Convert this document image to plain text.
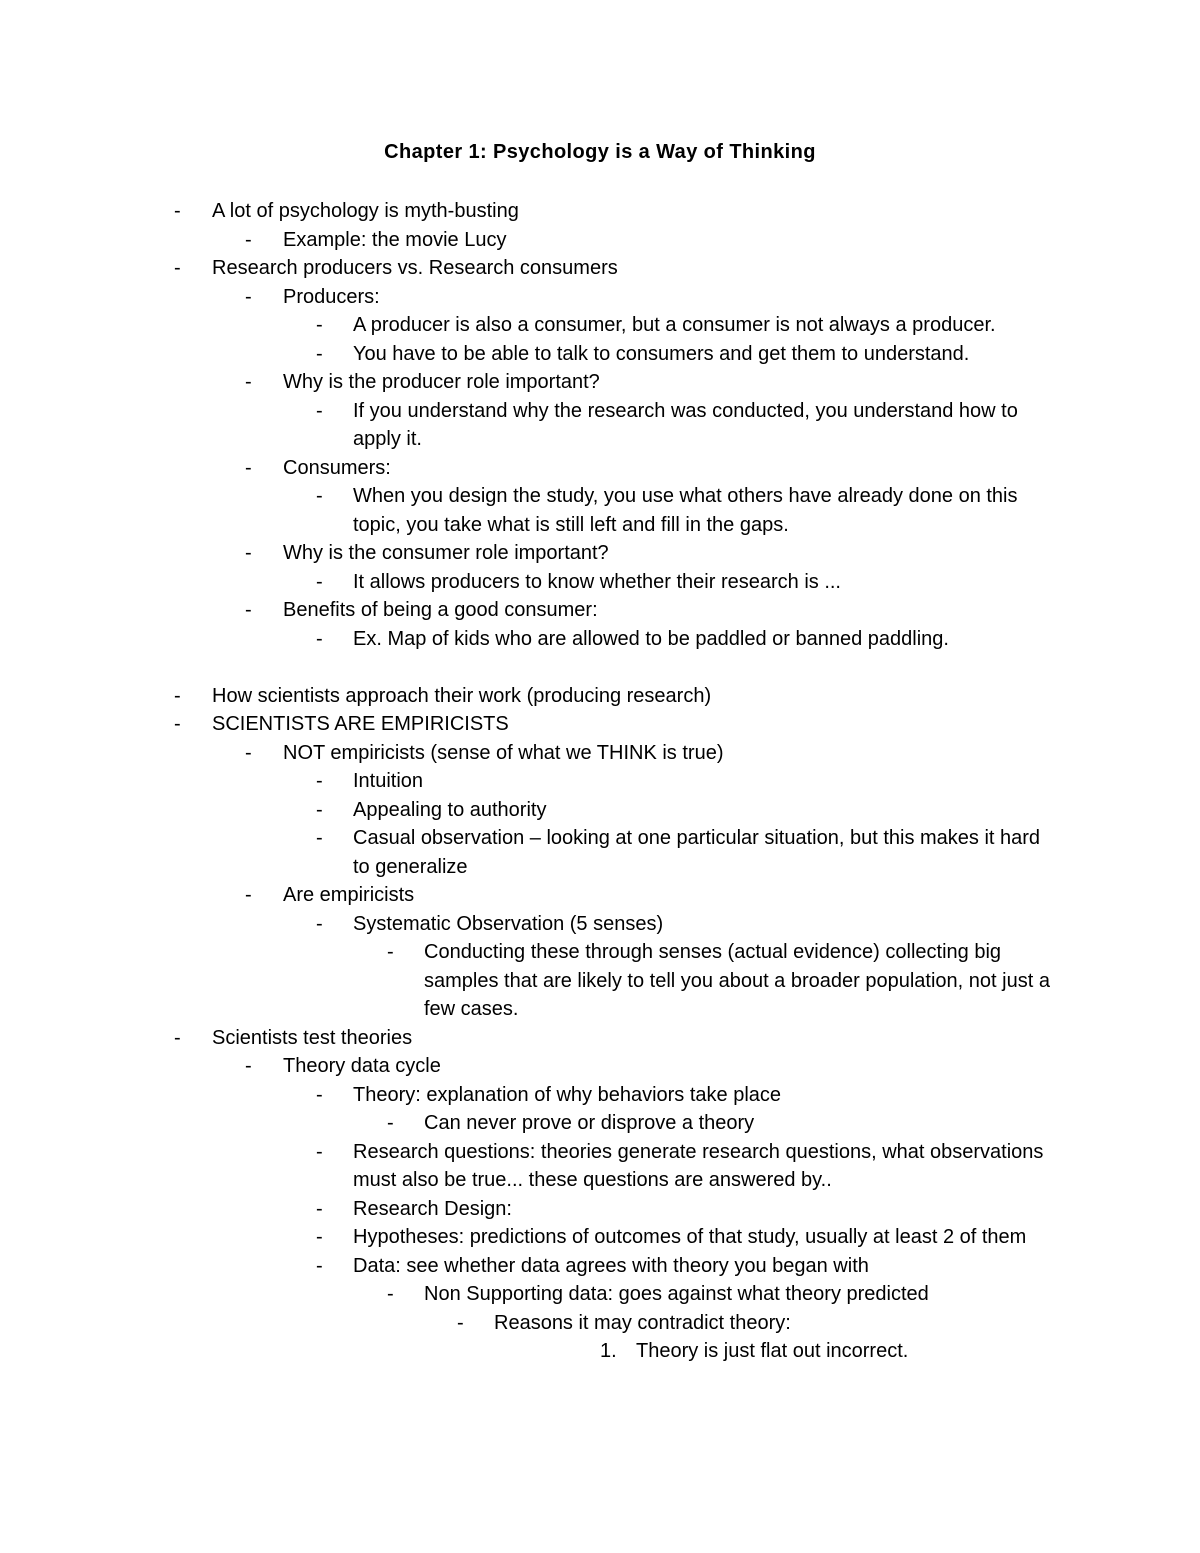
Chapter 1: Psychology is a Way of Thinking
- A lot of psychology is myth-busting
- Example: the movie Lucy
- Research producers vs. Research consumers
- Producers:
- A producer is also a consumer, but a consumer is not always a producer.
- You have to be able to talk to consumers and get them to understand.
- Why is the producer role important?
- If you understand why the research was conducted, you understand how to apply it.
- Consumers:
- When you design the study, you use what others have already done on this topic, you take what is still left and fill in the gaps.
- Why is the consumer role important?
- It allows producers to know whether their research is ...
- Benefits of being a good consumer:
- Ex. Map of kids who are allowed to be paddled or banned paddling.
- How scientists approach their work (producing research)
- SCIENTISTS ARE EMPIRICISTS
- NOT empiricists (sense of what we THINK is true)
- Intuition
- Appealing to authority
- Casual observation – looking at one particular situation, but this makes it hard to generalize
- Are empiricists
- Systematic Observation (5 senses)
- Conducting these through senses (actual evidence) collecting big samples that are likely to tell you about a broader population, not just a few cases.
- Scientists test theories
- Theory data cycle
- Theory: explanation of why behaviors take place
- Can never prove or disprove a theory
- Research questions: theories generate research questions, what observations must also be true... these questions are answered by..
- Research Design:
- Hypotheses: predictions of outcomes of that study, usually at least 2 of them
- Data: see whether data agrees with theory you began with
- Non Supporting data: goes against what theory predicted
- Reasons it may contradict theory:
1. Theory is just flat out incorrect.
